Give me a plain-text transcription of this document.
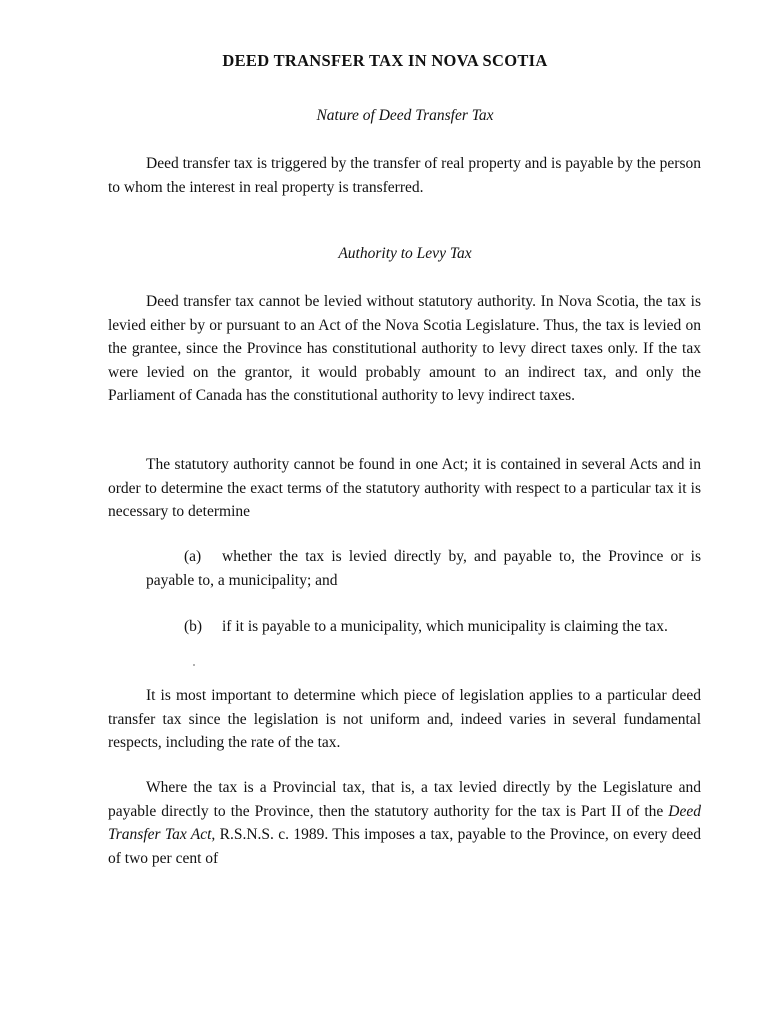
DEED TRANSFER TAX IN NOVA SCOTIA
Nature of Deed Transfer Tax

Deed transfer tax is triggered by the transfer of real property and is payable by the person to whom the interest in real property is transferred.

Authority to Levy Tax

Deed transfer tax cannot be levied without statutory authority. In Nova Scotia, the tax is levied either by or pursuant to an Act of the Nova Scotia Legislature. Thus, the tax is levied on the grantee, since the Province has constitutional authority to levy direct taxes only. If the tax were levied on the grantor, it would probably amount to an indirect tax, and only the Parliament of Canada has the constitutional authority to levy indirect taxes.

The statutory authority cannot be found in one Act; it is contained in several Acts and in order to determine the exact terms of the statutory authority with respect to a particular tax it is necessary to determine

(a) whether the tax is levied directly by, and payable to, the Province or is payable to, a municipality; and

(b) if it is payable to a municipality, which municipality is claiming the tax.

It is most important to determine which piece of legislation applies to a particular deed transfer tax since the legislation is not uniform and, indeed varies in several fundamental respects, including the rate of the tax.

Where the tax is a Provincial tax, that is, a tax levied directly by the Legislature and payable directly to the Province, then the statutory authority for the tax is Part II of the Deed Transfer Tax Act, R.S.N.S. c. 1989. This imposes a tax, payable to the Province, on every deed of two per cent of
